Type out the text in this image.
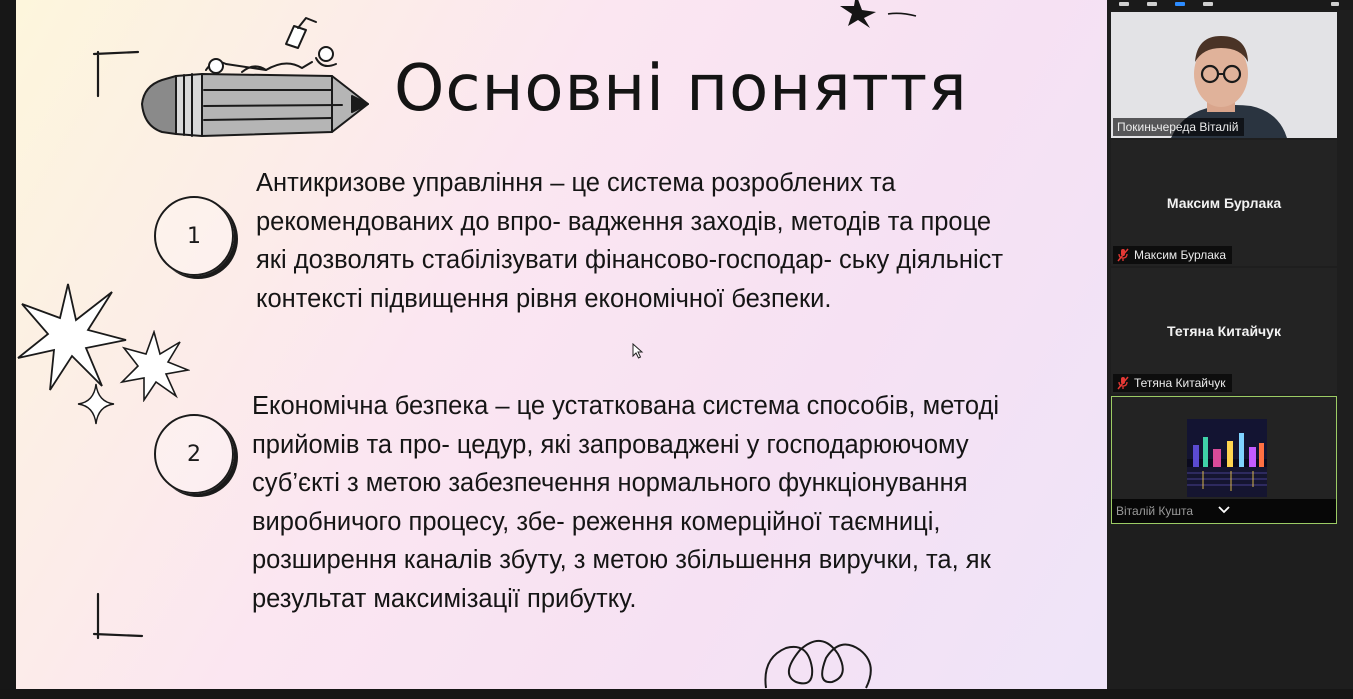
Основні поняття
1

Антикризове управління – це система розроблених та
рекомендованих до впро- вадження заходів, методів та проце
які дозволять стабілізувати фінансово-господар- ську діяльніст
контексті підвищення рівня економічної безпеки.

2

Економічна безпека – це устаткована система способів, методі
прийомів та про- цедур, які запроваджені у господарюючому
суб’єкті з метою забезпечення нормального функціонування
виробничого процесу, збе- реження комерційної таємниці,
розширення каналів збуту, з метою збільшення виручки, та, як
результат максимізації прибутку.

Покиньчереда Віталій
Максим Бурлака
Максим Бурлака
Тетяна Китайчук
Тетяна Китайчук
Віталій Кушта
